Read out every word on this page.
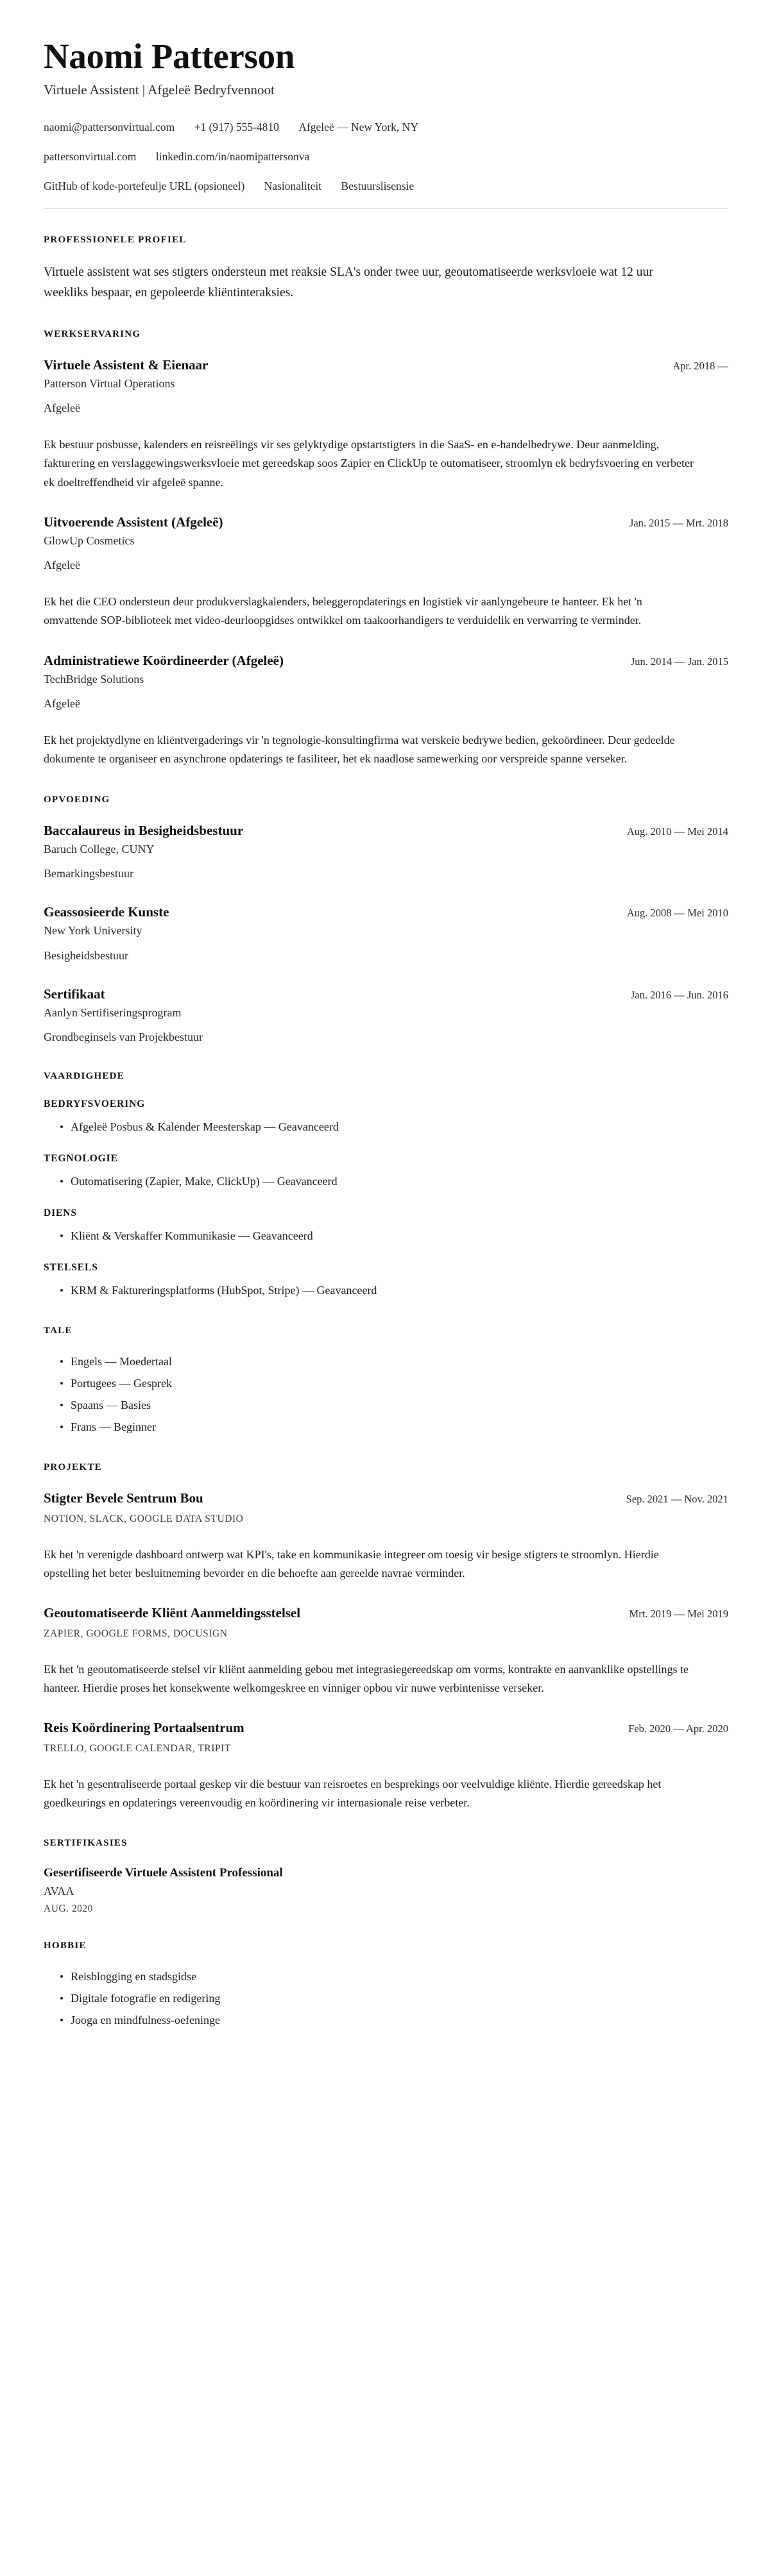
Naomi Patterson
Virtuele Assistent | Afgeleë Bedryfvennoot
naomi@pattersonvirtual.com +1 (917) 555-4810 Afgeleë — New York, NY
pattersonvirtual.com linkedin.com/in/naomipattersonva
GitHub of kode-portefeulje URL (opsioneel) Nasionaliteit Bestuurslisensie
PROFESSIONELE PROFIEL

Virtuele assistent wat ses stigters ondersteun met reaksie SLA's onder twee uur, geoutomatiseerde werksvloeie wat 12 uur weekliks bespaar, en gepoleerde kliëntinteraksies.

WERKSERVARING
Virtuele Assistent & Eienaar	Apr. 2018 —
Patterson Virtual Operations
Afgeleë

Ek bestuur posbusse, kalenders en reisreëlings vir ses gelyktydige opstartstigters in die SaaS- en e-handelbedrywe. Deur aanmelding, fakturering en verslaggewingswerksvloeie met gereedskap soos Zapier en ClickUp te outomatiseer, stroomlyn ek bedryfsvoering en verbeter ek doeltreffendheid vir afgeleë spanne.

Uitvoerende Assistent (Afgeleë)	Jan. 2015 — Mrt. 2018
GlowUp Cosmetics
Afgeleë

Ek het die CEO ondersteun deur produkverslagkalenders, beleggeropdaterings en logistiek vir aanlyngebeure te hanteer. Ek het 'n omvattende SOP-biblioteek met video-deurloopgidses ontwikkel om taakoorhandigers te verduidelik en verwarring te verminder.

Administratiewe Koördineerder (Afgeleë)	Jun. 2014 — Jan. 2015
TechBridge Solutions
Afgeleë

Ek het projektydlyne en kliëntvergaderings vir 'n tegnologie-konsultingfirma wat verskeie bedrywe bedien, gekoördineer. Deur gedeelde dokumente te organiseer en asynchrone opdaterings te fasiliteer, het ek naadlose samewerking oor verspreide spanne verseker.

OPVOEDING
Baccalaureus in Besigheidsbestuur	Aug. 2010 — Mei 2014
Baruch College, CUNY
Bemarkingsbestuur
Geassosieerde Kunste	Aug. 2008 — Mei 2010
New York University
Besigheidsbestuur
Sertifikaat	Jan. 2016 — Jun. 2016
Aanlyn Sertifiseringsprogram
Grondbeginsels van Projekbestuur
VAARDIGHEDE
BEDRYFSVOERING
Afgeleë Posbus & Kalender Meesterskap — Geavanceerd
TEGNOLOGIE
Outomatisering (Zapier, Make, ClickUp) — Geavanceerd
DIENS
Kliënt & Verskaffer Kommunikasie — Geavanceerd
STELSELS
KRM & Faktureringsplatforms (HubSpot, Stripe) — Geavanceerd
TALE
Engels — Moedertaal
Portugees — Gesprek
Spaans — Basies
Frans — Beginner
PROJEKTE
Stigter Bevele Sentrum Bou	Sep. 2021 — Nov. 2021
NOTION, SLACK, GOOGLE DATA STUDIO

Ek het 'n verenigde dashboard ontwerp wat KPI's, take en kommunikasie integreer om toesig vir besige stigters te stroomlyn. Hierdie opstelling het beter besluitneming bevorder en die behoefte aan gereelde navrae verminder.

Geoutomatiseerde Kliënt Aanmeldingsstelsel	Mrt. 2019 — Mei 2019
ZAPIER, GOOGLE FORMS, DOCUSIGN

Ek het 'n geoutomatiseerde stelsel vir kliënt aanmelding gebou met integrasiegereedskap om vorms, kontrakte en aanvanklike opstellings te hanteer. Hierdie proses het konsekwente welkomgeskree en vinniger opbou vir nuwe verbintenisse verseker.

Reis Koördinering Portaalsentrum	Feb. 2020 — Apr. 2020
TRELLO, GOOGLE CALENDAR, TRIPIT

Ek het 'n gesentraliseerde portaal geskep vir die bestuur van reisroetes en besprekings oor veelvuldige kliënte. Hierdie gereedskap het goedkeurings en opdaterings vereenvoudig en koördinering vir internasionale reise verbeter.

SERTIFIKASIES
Gesertifiseerde Virtuele Assistent Professional
AVAA
AUG. 2020
HOBBIE
Reisblogging en stadsgidse
Digitale fotografie en redigering
Jooga en mindfulness-oefeninge
